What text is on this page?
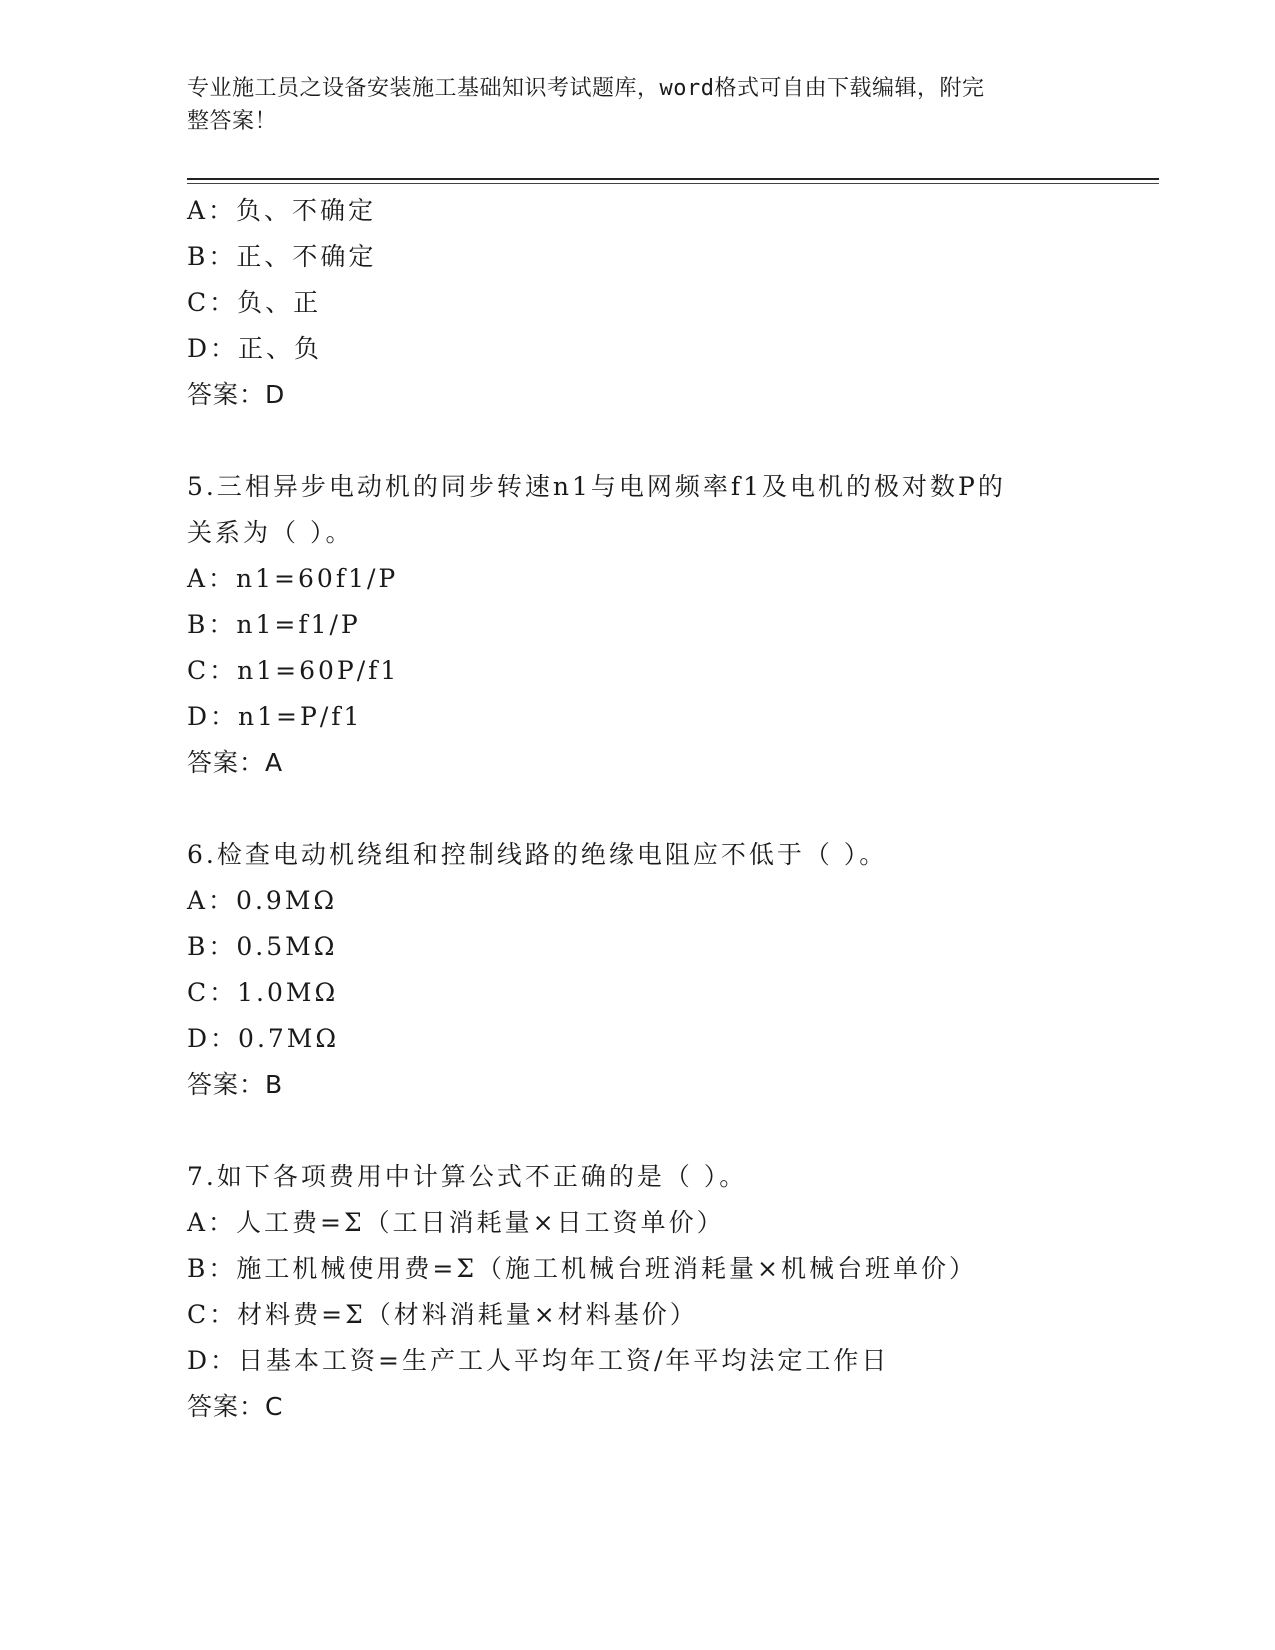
专业施工员之设备安装施工基础知识考试题库，word格式可自由下载编辑，附完
整答案！
A：负、不确定
B：正、不确定
C：负、正
D：正、负
答案：D
5.三相异步电动机的同步转速n1与电网频率f1及电机的极对数P的
关系为（ ）。
A：n1=60f1/P
B：n1=f1/P
C：n1=60P/f1
D：n1=P/f1
答案：A
6.检查电动机绕组和控制线路的绝缘电阻应不低于（ ）。
A：0.9MΩ
B：0.5MΩ
C：1.0MΩ
D：0.7MΩ
答案：B
7.如下各项费用中计算公式不正确的是（ ）。
A：人工费=Σ（工日消耗量×日工资单价）
B：施工机械使用费=Σ（施工机械台班消耗量×机械台班单价）
C：材料费=Σ（材料消耗量×材料基价）
D：日基本工资=生产工人平均年工资/年平均法定工作日
答案：C
